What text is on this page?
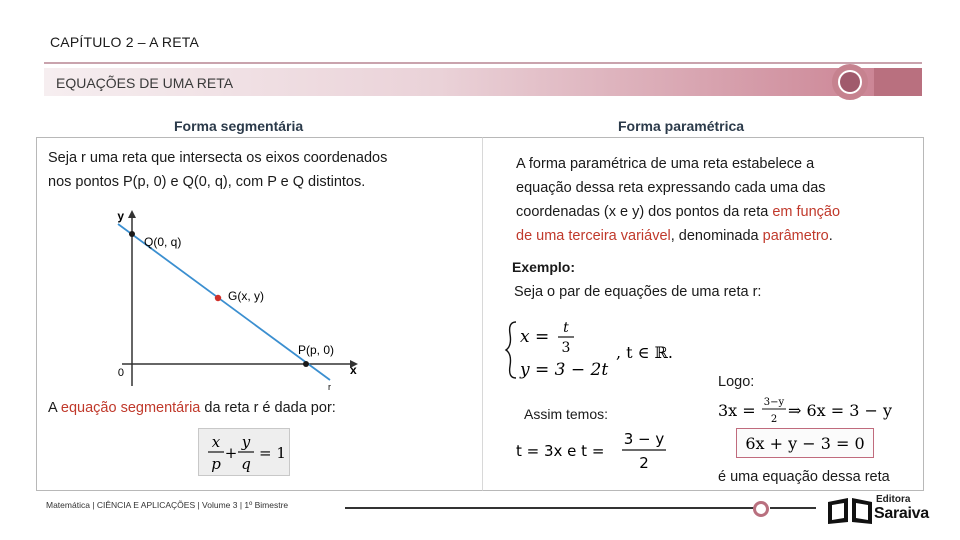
CAPÍTULO 2 – A RETA
EQUAÇÕES DE UMA RETA
Forma segmentária	Forma paramétrica
Seja r uma reta que intersecta os eixos coordenados
nos pontos P(p, 0) e Q(0, q), com P e Q distintos.
y
x
0
Q(0, q)
G(x, y)
P(p, 0)
r
A equação segmentária da reta r é dada por:
x
p
+
y
q
= 1
A forma paramétrica de uma reta estabelece a
equação dessa reta expressando cada uma das
coordenadas (x e y) dos pontos da reta em função
de uma terceira variável, denominada parâmetro.
Exemplo:
Seja o par de equações de uma reta r:
x = t
3
y = 3 − 2t
, t ∈ ℝ.
Logo:
Assim temos:
t = 3x e t =
3 − y
2
3x = 3−y
2 ⇒ 6x = 3 − y
6x + y − 3 = 0
é uma equação dessa reta
Matemática | CIÊNCIA E APLICAÇÕES | Volume 3 | 1º Bimestre	Editora
Saraiva
